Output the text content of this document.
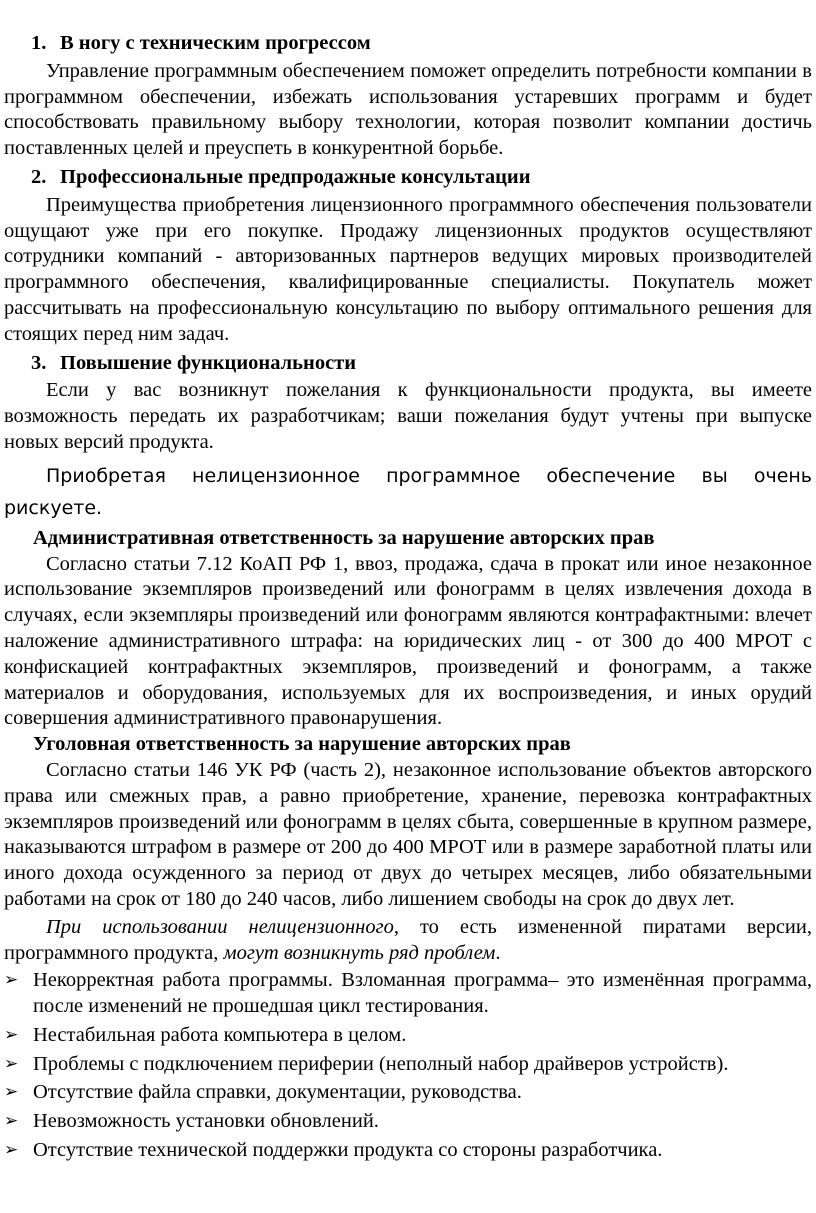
1. В ногу с техническим прогрессом

Управление программным обеспечением поможет определить потребности компании в программном обеспечении, избежать использования устаревших программ и будет способствовать правильному выбору технологии, которая позволит компании достичь поставленных целей и преуспеть в конкурентной борьбе.

2. Профессиональные предпродажные консультации

Преимущества приобретения лицензионного программного обеспечения пользователи ощущают уже при его покупке. Продажу лицензионных продуктов осуществляют сотрудники компаний - авторизованных партнеров ведущих мировых производителей программного обеспечения, квалифицированные специалисты. Покупатель может рассчитывать на профессиональную консультацию по выбору оптимального решения для стоящих перед ним задач.

3. Повышение функциональности

Если у вас возникнут пожелания к функциональности продукта, вы имеете возможность передать их разработчикам; ваши пожелания будут учтены при выпуске новых версий продукта.

Приобретая нелицензионное программное обеспечение вы очень рискуете.

Административная ответственность за нарушение авторских прав

Согласно статьи 7.12 КоАП РФ 1, ввоз, продажа, сдача в прокат или иное незаконное использование экземпляров произведений или фонограмм в целях извлечения дохода в случаях, если экземпляры произведений или фонограмм являются контрафактными: влечет наложение административного штрафа: на юридических лиц - от 300 до 400 МРОТ с конфискацией контрафактных экземпляров, произведений и фонограмм, а также материалов и оборудования, используемых для их воспроизведения, и иных орудий совершения административного правонарушения.

Уголовная ответственность за нарушение авторских прав

Согласно статьи 146 УК РФ (часть 2), незаконное использование объектов авторского права или смежных прав, а равно приобретение, хранение, перевозка контрафактных экземпляров произведений или фонограмм в целях сбыта, совершенные в крупном размере, наказываются штрафом в размере от 200 до 400 МРОТ или в размере заработной платы или иного дохода осужденного за период от двух до четырех месяцев, либо обязательными работами на срок от 180 до 240 часов, либо лишением свободы на срок до двух лет.

При использовании нелицензионного, то есть измененной пиратами версии, программного продукта, могут возникнуть ряд проблем.

➢ Некорректная работа программы. Взломанная программа– это изменённая программа, после изменений не прошедшая цикл тестирования.
➢ Нестабильная работа компьютера в целом.
➢ Проблемы с подключением периферии (неполный набор драйверов устройств).
➢ Отсутствие файла справки, документации, руководства.
➢ Невозможность установки обновлений.
➢ Отсутствие технической поддержки продукта со стороны разработчика.
